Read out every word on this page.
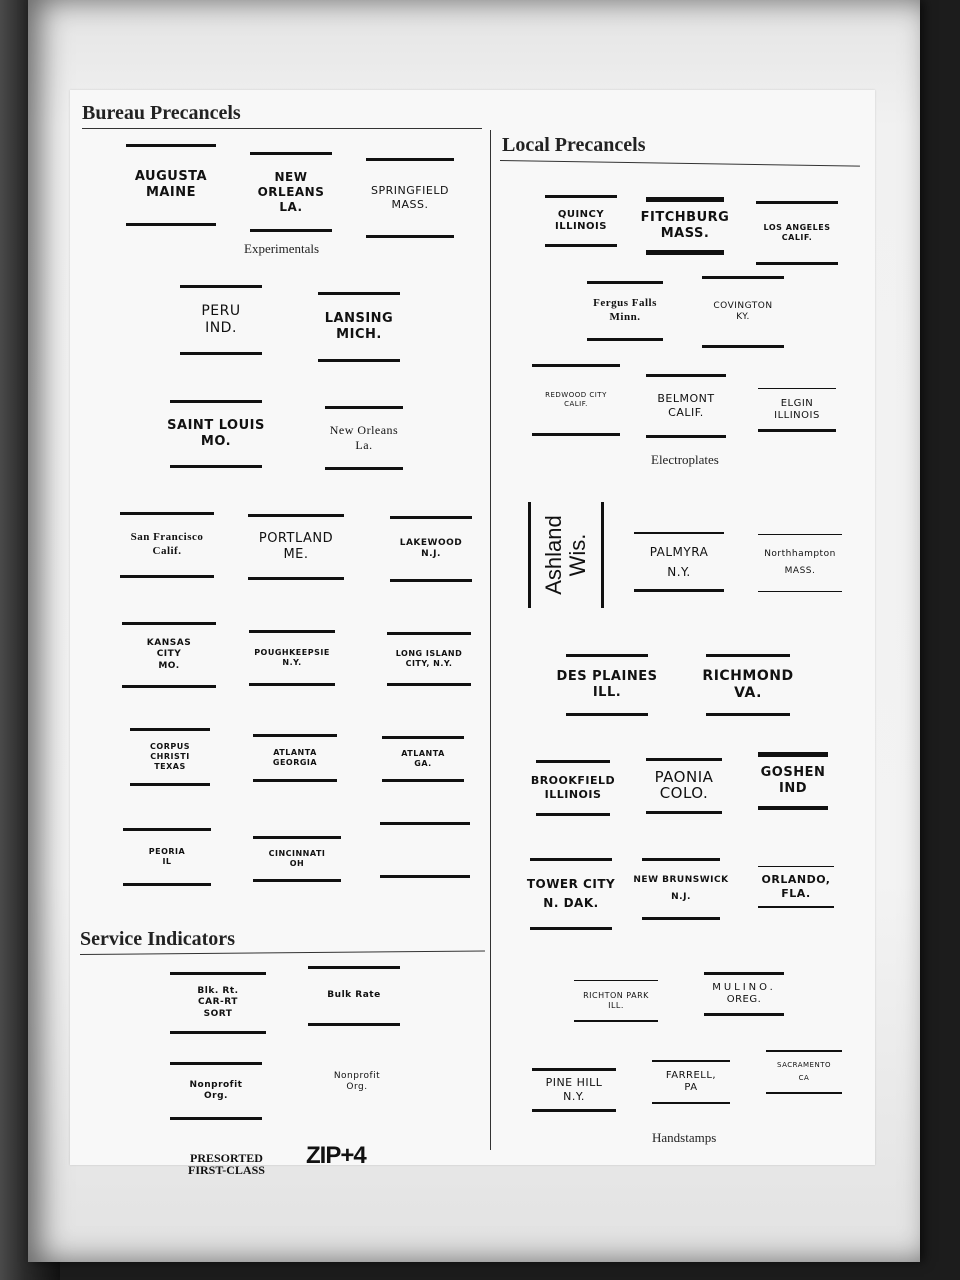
Bureau Precancels
Local Precancels
Service Indicators
Experimentals
Electroplates
Handstamps
AUGUSTA
MAINE
NEW
ORLEANS
LA.
SPRINGFIELD
MASS.
PERU
IND.
LANSING
MICH.
SAINT LOUIS
MO.
New Orleans
La.
San Francisco
Calif.
PORTLAND
ME.
LAKEWOOD
N.J.
KANSAS
CITY
MO.
POUGHKEEPSIE
N.Y.
LONG ISLAND
CITY, N.Y.
CORPUS
CHRISTI
TEXAS
ATLANTA
GEORGIA
ATLANTA
GA.
PEORIA
IL
CINCINNATI
OH
Blk. Rt.
CAR-RT
SORT
Bulk Rate
Nonprofit
Org.
Nonprofit
Org.
PRESORTED
FIRST-CLASS
ZIP+4
QUINCY
ILLINOIS
FITCHBURG
MASS.	LOS ANGELES
CALIF.
Fergus Falls
Minn.
COVINGTON
KY.
REDWOOD CITY
CALIF.	BELMONT
CALIF.
ELGIN
ILLINOIS
Ashland Wis.	PALMYRA
N.Y.
Northhampton
MASS.
DES PLAINES
ILL.
RICHMOND
VA.
BROOKFIELD
ILLINOIS
PAONIA
COLO.
GOSHEN
IND
TOWER CITY
N. DAK.
NEW BRUNSWICK
N.J.
ORLANDO,
FLA.
RICHTON PARK
ILL.
MULINO.
OREG.
PINE HILL
N.Y.
FARRELL,
PA
SACRAMENTO
CA
